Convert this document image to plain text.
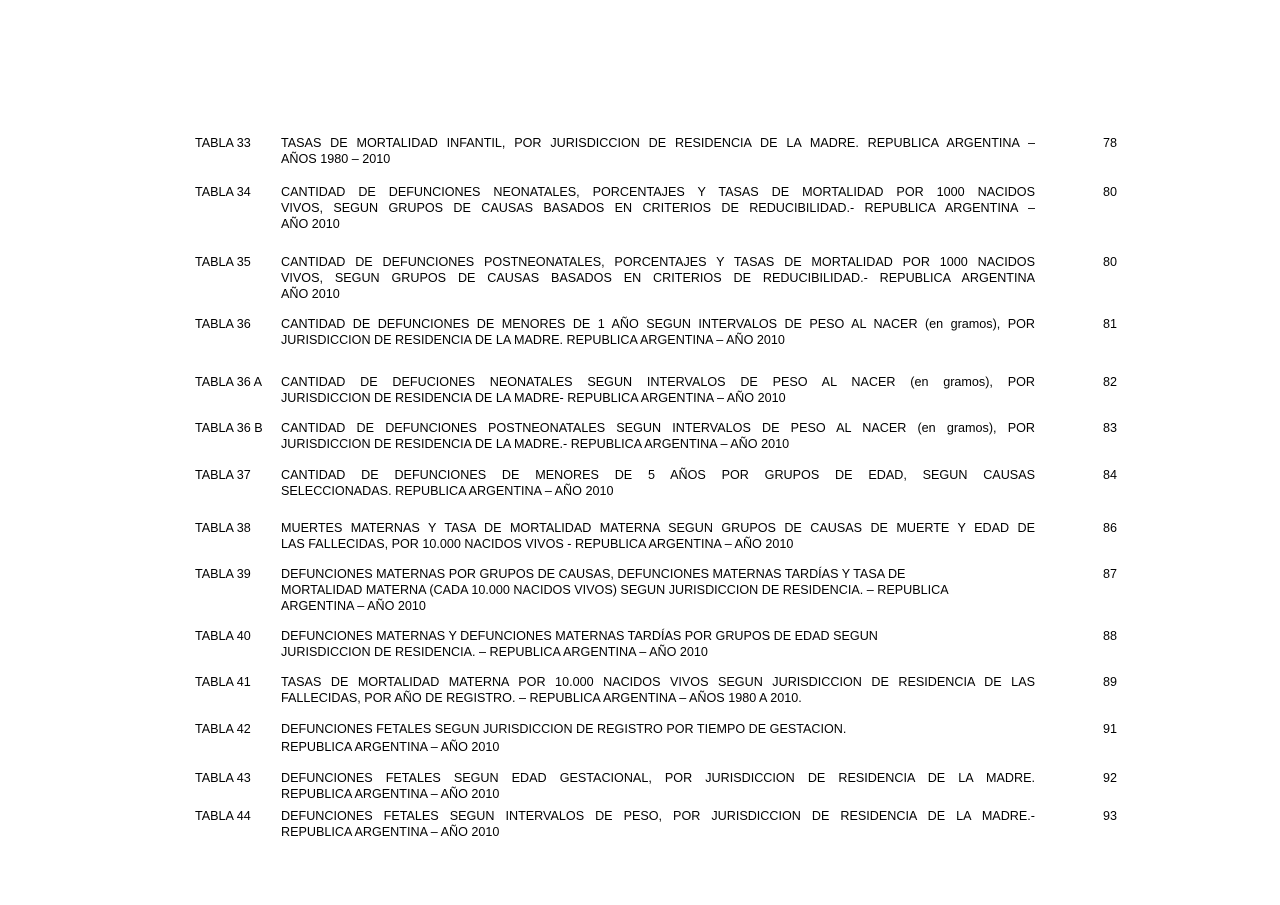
TABLA 33 TASAS DE MORTALIDAD INFANTIL, POR JURISDICCION DE RESIDENCIA DE LA MADRE. REPUBLICA ARGENTINA –
AÑOS 1980 – 2010
78
TABLA 34 CANTIDAD DE DEFUNCIONES NEONATALES, PORCENTAJES Y TASAS DE MORTALIDAD POR 1000 NACIDOS
VIVOS, SEGUN GRUPOS DE CAUSAS BASADOS EN CRITERIOS DE REDUCIBILIDAD.- REPUBLICA ARGENTINA –
AÑO 2010
80
TABLA 35 CANTIDAD DE DEFUNCIONES POSTNEONATALES, PORCENTAJES Y TASAS DE MORTALIDAD POR 1000 NACIDOS
VIVOS, SEGUN GRUPOS DE CAUSAS BASADOS EN CRITERIOS DE REDUCIBILIDAD.- REPUBLICA ARGENTINA
AÑO 2010
80
TABLA 36 CANTIDAD DE DEFUNCIONES DE MENORES DE 1 AÑO SEGUN INTERVALOS DE PESO AL NACER (en gramos), POR
JURISDICCION DE RESIDENCIA DE LA MADRE. REPUBLICA ARGENTINA – AÑO 2010
81
TABLA 36 A CANTIDAD DE DEFUCIONES NEONATALES SEGUN INTERVALOS DE PESO AL NACER (en gramos), POR
JURISDICCION DE RESIDENCIA DE LA MADRE- REPUBLICA ARGENTINA – AÑO 2010
82
TABLA 36 B CANTIDAD DE DEFUNCIONES POSTNEONATALES SEGUN INTERVALOS DE PESO AL NACER (en gramos), POR
JURISDICCION DE RESIDENCIA DE LA MADRE.- REPUBLICA ARGENTINA – AÑO 2010
83
TABLA 37 CANTIDAD DE DEFUNCIONES DE MENORES DE 5 AÑOS POR GRUPOS DE EDAD, SEGUN CAUSAS
SELECCIONADAS. REPUBLICA ARGENTINA – AÑO 2010
84
TABLA 38 MUERTES MATERNAS Y TASA DE MORTALIDAD MATERNA SEGUN GRUPOS DE CAUSAS DE MUERTE Y EDAD DE
LAS FALLECIDAS, POR 10.000 NACIDOS VIVOS - REPUBLICA ARGENTINA – AÑO 2010
86
TABLA 39 DEFUNCIONES MATERNAS POR GRUPOS DE CAUSAS, DEFUNCIONES MATERNAS TARDÍAS Y TASA DE
MORTALIDAD MATERNA (CADA 10.000 NACIDOS VIVOS) SEGUN JURISDICCION DE RESIDENCIA. – REPUBLICA
ARGENTINA – AÑO 2010
87
TABLA 40 DEFUNCIONES MATERNAS Y DEFUNCIONES MATERNAS TARDÍAS POR GRUPOS DE EDAD SEGUN
JURISDICCION DE RESIDENCIA. – REPUBLICA ARGENTINA – AÑO 2010
88
TABLA 41 TASAS DE MORTALIDAD MATERNA POR 10.000 NACIDOS VIVOS SEGUN JURISDICCION DE RESIDENCIA DE LAS
FALLECIDAS, POR AÑO DE REGISTRO. – REPUBLICA ARGENTINA – AÑOS 1980 A 2010.
89
TABLA 42 DEFUNCIONES FETALES SEGUN JURISDICCION DE REGISTRO POR TIEMPO DE GESTACION.
REPUBLICA ARGENTINA – AÑO 2010
91
TABLA 43 DEFUNCIONES FETALES SEGUN EDAD GESTACIONAL, POR JURISDICCION DE RESIDENCIA DE LA MADRE.
REPUBLICA ARGENTINA – AÑO 2010
92
TABLA 44 DEFUNCIONES FETALES SEGUN INTERVALOS DE PESO, POR JURISDICCION DE RESIDENCIA DE LA MADRE.-
REPUBLICA ARGENTINA – AÑO 2010
93
